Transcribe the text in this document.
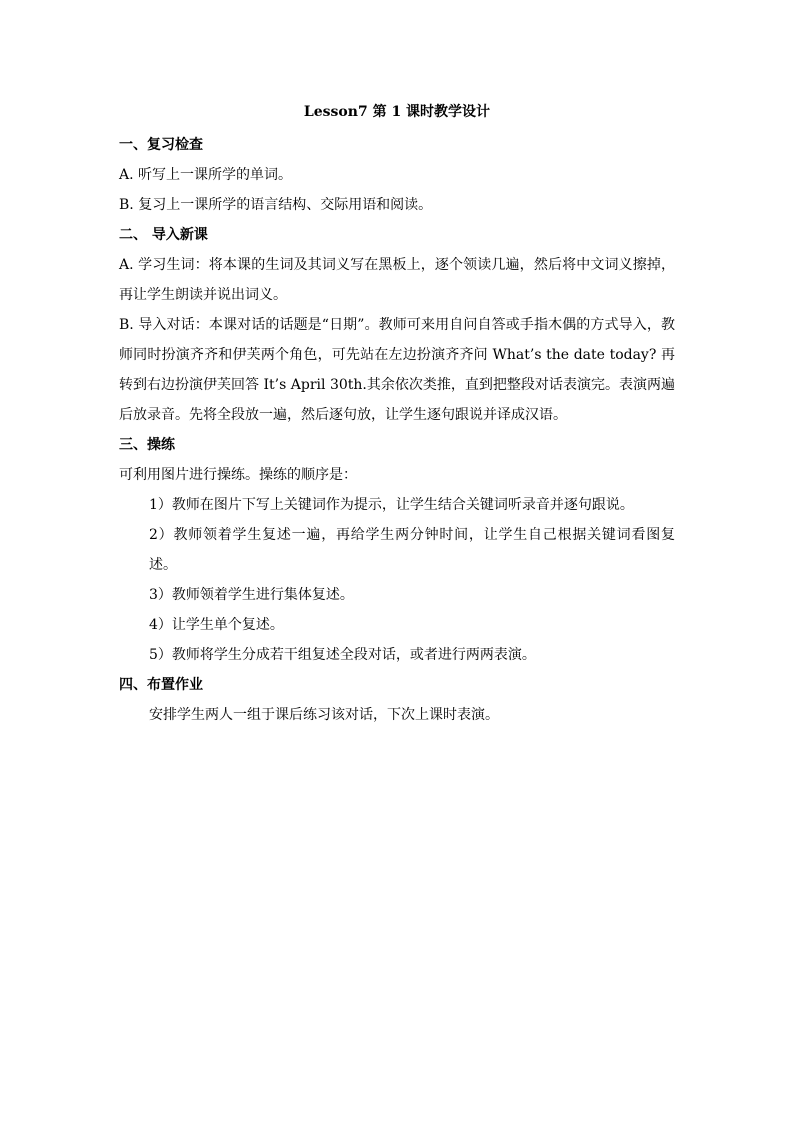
Lesson7 第 1 课时教学设计
一、复习检查

A. 听写上一课所学的单词。

B. 复习上一课所学的语言结构、交际用语和阅读。

二、 导入新课

A. 学习生词：将本课的生词及其词义写在黑板上，逐个领读几遍，然后将中文词义擦掉，再让学生朗读并说出词义。

B. 导入对话：本课对话的话题是“日期”。教师可来用自问自答或手指木偶的方式导入，教师同时扮演齐齐和伊芙两个角色，可先站在左边扮演齐齐问 What’s the date today? 再转到右边扮演伊芙回答 It’s April 30th.其余依次类推，直到把整段对话表演完。表演两遍后放录音。先将全段放一遍，然后逐句放，让学生逐句跟说并译成汉语。

三、操练

可利用图片进行操练。操练的顺序是：

1）教师在图片下写上关键词作为提示，让学生结合关键词听录音并逐句跟说。

2）教师领着学生复述一遍，再给学生两分钟时间，让学生自己根据关键词看图复述。

3）教师领着学生进行集体复述。

4）让学生单个复述。

5）教师将学生分成若干组复述全段对话，或者进行两两表演。

四、布置作业

安排学生两人一组于课后练习该对话，下次上课时表演。
